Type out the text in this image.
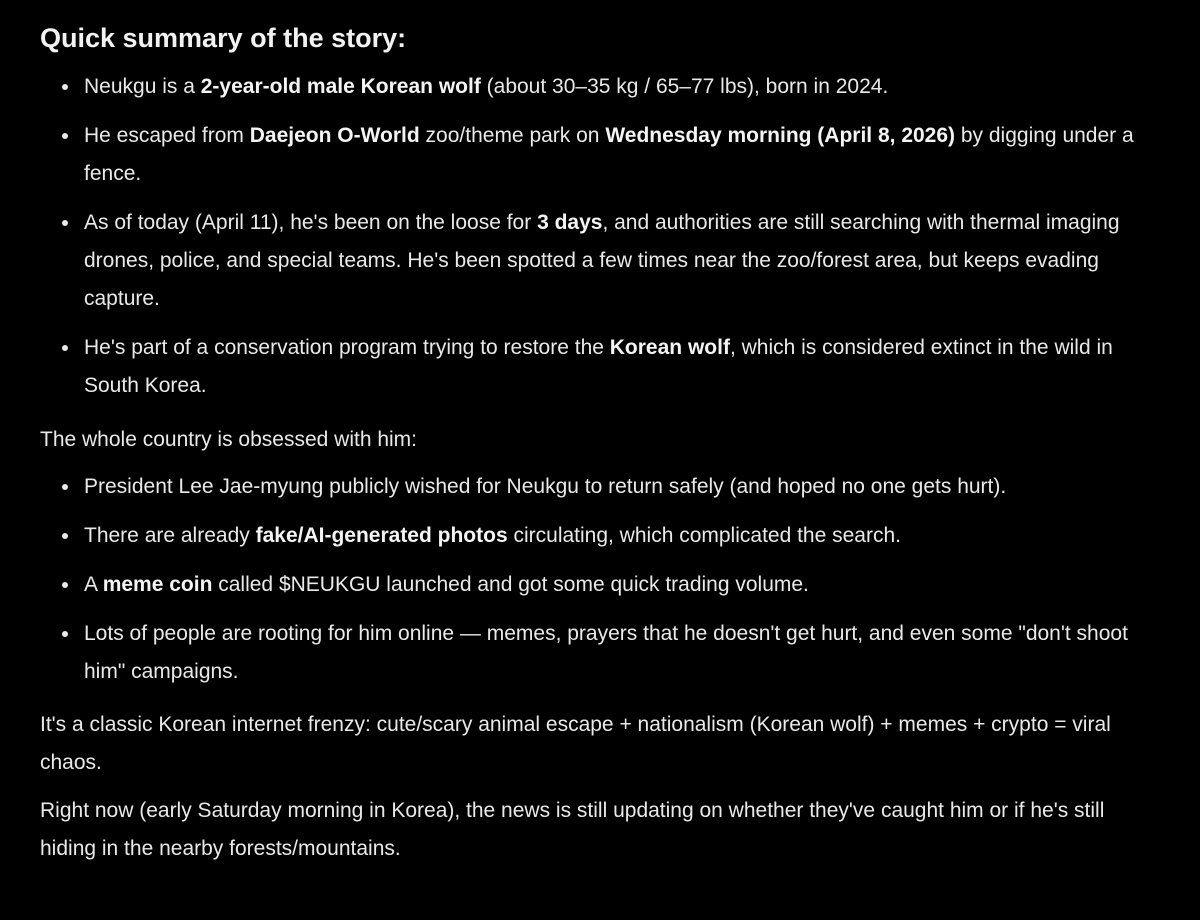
Quick summary of the story:
Neukgu is a 2-year-old male Korean wolf (about 30–35 kg / 65–77 lbs), born in 2024.
He escaped from Daejeon O-World zoo/theme park on Wednesday morning (April 8, 2026) by digging under a fence.
As of today (April 11), he's been on the loose for 3 days, and authorities are still searching with thermal imaging drones, police, and special teams. He's been spotted a few times near the zoo/forest area, but keeps evading capture.
He's part of a conservation program trying to restore the Korean wolf, which is considered extinct in the wild in South Korea.

The whole country is obsessed with him:

President Lee Jae-myung publicly wished for Neukgu to return safely (and hoped no one gets hurt).
There are already fake/AI-generated photos circulating, which complicated the search.
A meme coin called $NEUKGU launched and got some quick trading volume.
Lots of people are rooting for him online — memes, prayers that he doesn't get hurt, and even some "don't shoot him" campaigns.

It's a classic Korean internet frenzy: cute/scary animal escape + nationalism (Korean wolf) + memes + crypto = viral chaos.

Right now (early Saturday morning in Korea), the news is still updating on whether they've caught him or if he's still hiding in the nearby forests/mountains.
